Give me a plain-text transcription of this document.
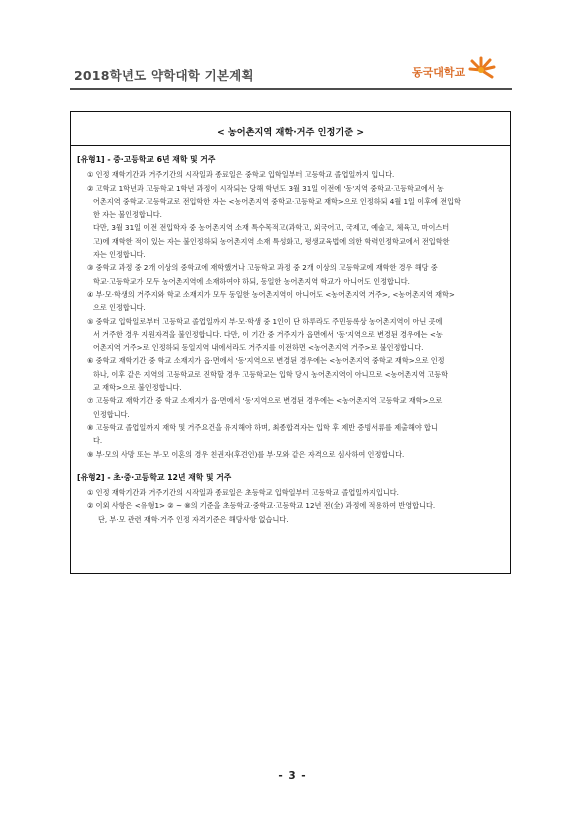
2018학년도 약학대학 기본계획	동국대학교
< 농어촌지역 재학·거주 인정기준 >
[유형1] - 중·고등학교 6년 재학 및 거주
① 인정 재학기간과 거주기간의 시작일과 종료일은 중학교 입학일부터 고등학교 졸업일까지 입니다.
② 고학교 1학년과 고등학교 1학년 과정이 시작되는 당해 학년도 3월 31일 이전에 '동'지역 중학교·고등학교에서 농
어촌지역 중학교·고등학교로 전입학한 자는 <농어촌지역 중학교·고등학교 재학>으로 인정하되 4월 1일 이후에 전입학
한 자는 불인정합니다.
다만, 3월 31일 이전 전입학자 중 농어촌지역 소재 특수목적고(과학고, 외국어고, 국제고, 예술고, 체육고, 마이스터
고)에 재학한 적이 있는 자는 불인정하되 농어촌지역 소재 특성화고, 평생교육법에 의한 학력인정학교에서 전입학한
자는 인정합니다.
③ 중학교 과정 중 2개 이상의 중학교에 재학했거나 고등학교 과정 중 2개 이상의 고등학교에 재학한 경우 해당 중
학교·고등학교가 모두 농어촌지역에 소재하여야 하되, 동일한 농어촌지역 학교가 아니어도 인정합니다.
④ 부·모·학생의 거주지와 학교 소재지가 모두 동일한 농어촌지역이 아니어도 <농어촌지역 거주>, <농어촌지역 재학>
으로 인정합니다.
⑤ 중학교 입학일로부터 고등학교 졸업일까지 부·모·학생 중 1인이 단 하루라도 주민등록상 농어촌지역이 아닌 곳에
서 거주한 경우 지원자격을 불인정합니다. 다만, 이 기간 중 거주지가 읍면에서 '동'지역으로 변경된 경우에는 <농
어촌지역 거주>로 인정하되 동일지역 내에서라도 거주지를 이전하면 <농어촌지역 거주>로 불인정합니다.
⑥ 중학교 재학기간 중 학교 소재지가 읍·면에서 '동'지역으로 변경된 경우에는 <농어촌지역 중학교 재학>으로 인정
하나, 이후 같은 지역의 고등학교로 진학할 경우 고등학교는 입학 당시 농어촌지역이 아니므로 <농어촌지역 고등학
교 재학>으로 불인정합니다.
⑦ 고등학교 재학기간 중 학교 소재지가 읍·면에서 '동'지역으로 변경된 경우에는 <농어촌지역 고등학교 재학>으로
인정합니다.
⑧ 고등학교 졸업일까지 재학 및 거주요건을 유지해야 하며, 최종합격자는 입학 후 제반 증빙서류를 제출해야 합니
다.
⑨ 부·모의 사망 또는 부·모 이혼의 경우 친권자(후견인)를 부·모와 같은 자격으로 심사하여 인정합니다.
[유형2] - 초·중·고등학교 12년 재학 및 거주
① 인정 재학기간과 거주기간의 시작일과 종료일은 초등학교 입학일부터 고등학교 졸업일까지입니다.
② 이외 사항은 <유형1> ② ~ ⑧의 기준을 초등학교·중학교·고등학교 12년 전(全) 과정에 적용하여 반영합니다.
단, 부·모 관련 재학·거주 인정 자격기준은 해당사항 없습니다.
- 3 -
